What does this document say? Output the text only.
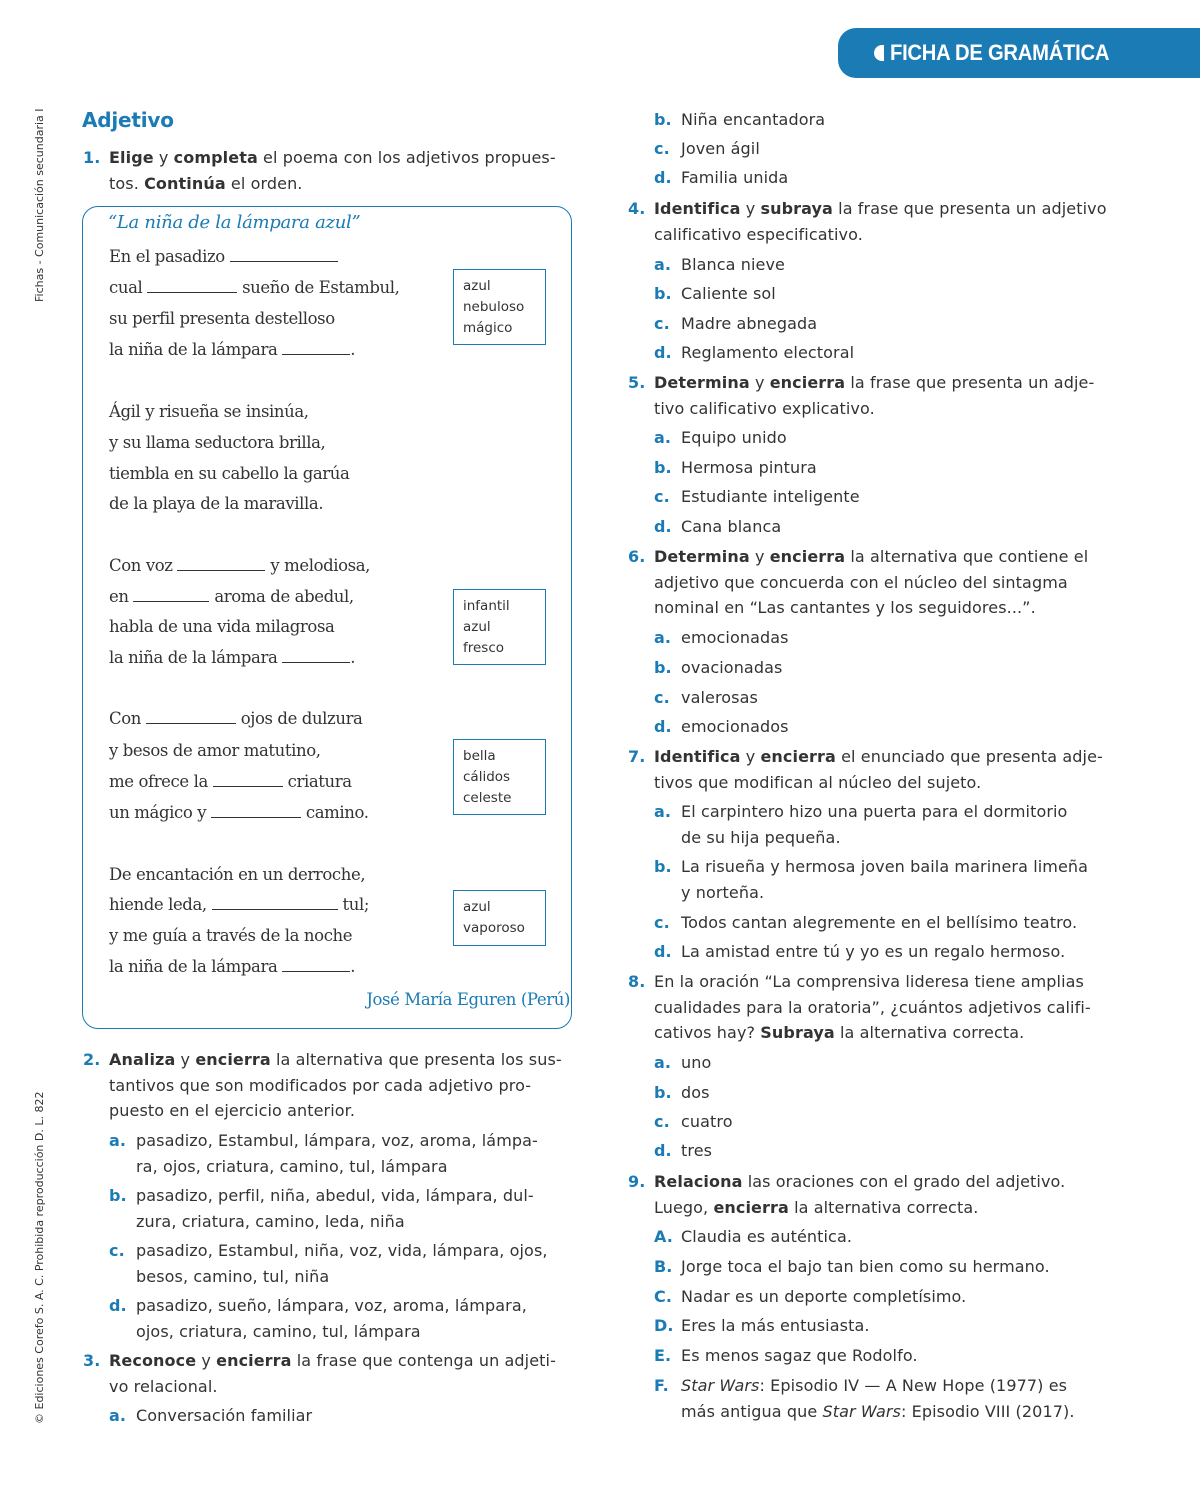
FICHA DE GRAMÁTICA
Fichas - Comunicación secundaria I
© Ediciones Corefo S. A. C. Prohibida reproducción D. L. 822
Adjetivo
1. Elige y completa el poema con los adjetivos propues-
tos. Continúa el orden.
“La niña de la lámpara azul”
En el pasadizo
cual	sueño de Estambul,
su perfil presenta destelloso
la niña de la lámpara	.
Ágil y risueña se insinúa,
y su llama seductora brilla,
tiembla en su cabello la garúa
de la playa de la maravilla.
Con voz	y melodiosa,
en	aroma de abedul,
habla de una vida milagrosa
la niña de la lámpara	.
Con	ojos de dulzura
y besos de amor matutino,
me ofrece la	criatura
un mágico y	camino.
De encantación en un derroche,
hiende leda,	tul;
y me guía a través de la noche
la niña de la lámpara	.
José María Eguren (Perú)
azul
nebuloso
mágico
infantil
azul
fresco
bella
cálidos
celeste
azul
vaporoso
2. Analiza y encierra la alternativa que presenta los sus-
tantivos que son modificados por cada adjetivo pro-
puesto en el ejercicio anterior.
a. pasadizo, Estambul, lámpara, voz, aroma, lámpa-
ra, ojos, criatura, camino, tul, lámpara
b. pasadizo, perfil, niña, abedul, vida, lámpara, dul-
zura, criatura, camino, leda, niña
c. pasadizo, Estambul, niña, voz, vida, lámpara, ojos,
besos, camino, tul, niña
d. pasadizo, sueño, lámpara, voz, aroma, lámpara,
ojos, criatura, camino, tul, lámpara
3. Reconoce y encierra la frase que contenga un adjeti-
vo relacional.
a. Conversación familiar
b. Niña encantadora
c. Joven ágil
d. Familia unida
4. Identifica y subraya la frase que presenta un adjetivo
calificativo especificativo.
a. Blanca nieve
b. Caliente sol
c. Madre abnegada
d. Reglamento electoral
5. Determina y encierra la frase que presenta un adje-
tivo calificativo explicativo.
a. Equipo unido
b. Hermosa pintura
c. Estudiante inteligente
d. Cana blanca
6. Determina y encierra la alternativa que contiene el
adjetivo que concuerda con el núcleo del sintagma
nominal en “Las cantantes y los seguidores...”.
a. emocionadas
b. ovacionadas
c. valerosas
d. emocionados
7. Identifica y encierra el enunciado que presenta adje-
tivos que modifican al núcleo del sujeto.
a. El carpintero hizo una puerta para el dormitorio
de su hija pequeña.
b. La risueña y hermosa joven baila marinera limeña
y norteña.
c. Todos cantan alegremente en el bellísimo teatro.
d. La amistad entre tú y yo es un regalo hermoso.
8. En la oración “La comprensiva lideresa tiene amplias
cualidades para la oratoria”, ¿cuántos adjetivos califi-
cativos hay? Subraya la alternativa correcta.
a. uno
b. dos
c. cuatro
d. tres
9. Relaciona las oraciones con el grado del adjetivo.
Luego, encierra la alternativa correcta.
A. Claudia es auténtica.
B. Jorge toca el bajo tan bien como su hermano.
C. Nadar es un deporte completísimo.
D. Eres la más entusiasta.
E. Es menos sagaz que Rodolfo.
F. Star Wars: Episodio IV — A New Hope (1977) es
más antigua que Star Wars: Episodio VIII (2017).
